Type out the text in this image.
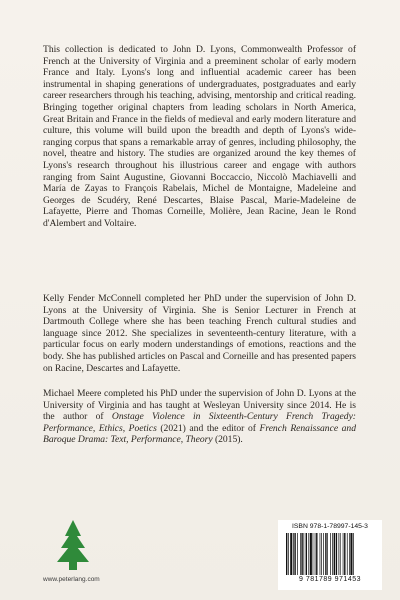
This collection is dedicated to John D. Lyons, Commonwealth Professor of French at the University of Virginia and a preeminent scholar of early modern France and Italy. Lyons's long and influential academic career has been instrumental in shaping generations of undergraduates, postgraduates and early career researchers through his teaching, advising, mentorship and critical reading. Bringing together original chapters from leading scholars in North America, Great Britain and France in the fields of medieval and early modern literature and culture, this volume will build upon the breadth and depth of Lyons's wide-ranging corpus that spans a remarkable array of genres, including philosophy, the novel, theatre and history. The studies are organized around the key themes of Lyons's research throughout his illustrious career and engage with authors ranging from Saint Augustine, Giovanni Boccaccio, Niccolò Machiavelli and María de Zayas to François Rabelais, Michel de Montaigne, Madeleine and Georges de Scudéry, René Descartes, Blaise Pascal, Marie-Madeleine de Lafayette, Pierre and Thomas Corneille, Molière, Jean Racine, Jean le Rond d'Alembert and Voltaire.
Kelly Fender McConnell completed her PhD under the supervision of John D. Lyons at the University of Virginia. She is Senior Lecturer in French at Dartmouth College where she has been teaching French cultural studies and language since 2012. She specializes in seventeenth-century literature, with a particular focus on early modern understandings of emotions, reactions and the body. She has published articles on Pascal and Corneille and has presented papers on Racine, Descartes and Lafayette.
Michael Meere completed his PhD under the supervision of John D. Lyons at the University of Virginia and has taught at Wesleyan University since 2014. He is the author of Onstage Violence in Sixteenth-Century French Tragedy: Performance, Ethics, Poetics (2021) and the editor of French Renaissance and Baroque Drama: Text, Performance, Theory (2015).
www.peterlang.com
ISBN 978-1-78997-145-3
9 781789 971453
